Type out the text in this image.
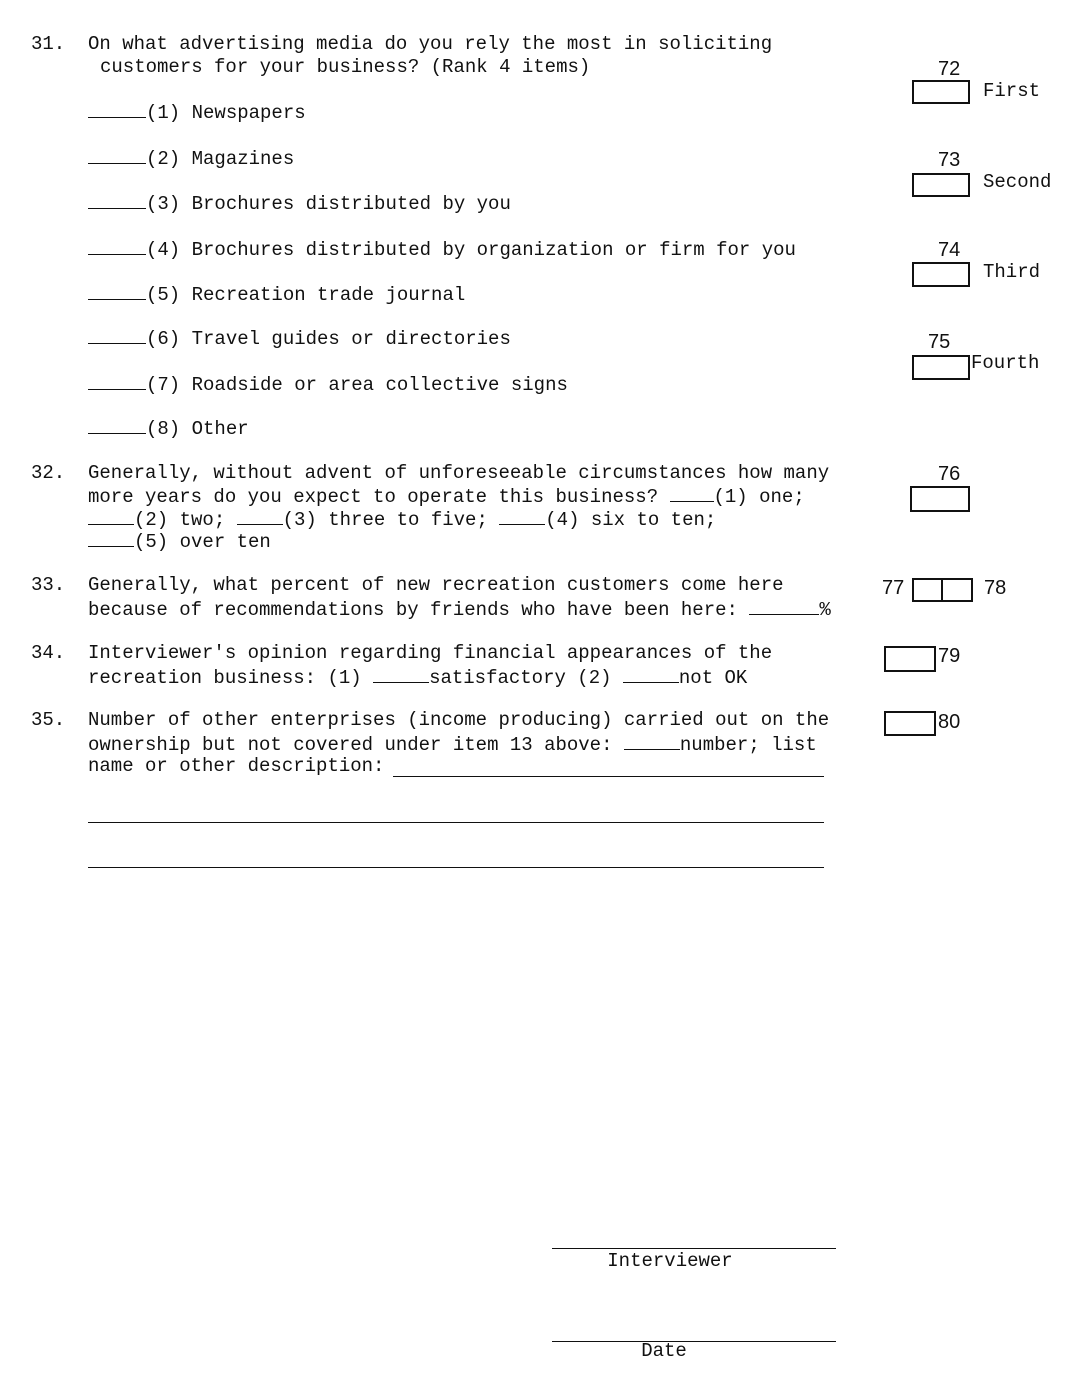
31. On what advertising media do you rely the most in soliciting
customers for your business? (Rank 4 items)
(1) Newspapers
(2) Magazines
(3) Brochures distributed by you
(4) Brochures distributed by organization or firm for you
(5) Recreation trade journal
(6) Travel guides or directories
(7) Roadside or area collective signs
(8) Other
72
First
73
Second
74
Third
75
Fourth
32. Generally, without advent of unforeseeable circumstances how many
more years do you expect to operate this business?	(1) one;
(2) two;	(3) three to five;	(4) six to ten;
(5) over ten
76
33. Generally, what percent of new recreation customers come here
because of recommendations by friends who have been here:	%
77	78
34. Interviewer's opinion regarding financial appearances of the
recreation business: (1)	satisfactory (2)	not OK
79
35. Number of other enterprises (income producing) carried out on the
ownership but not covered under item 13 above:	number; list
name or other description:
80
Interviewer
Date
